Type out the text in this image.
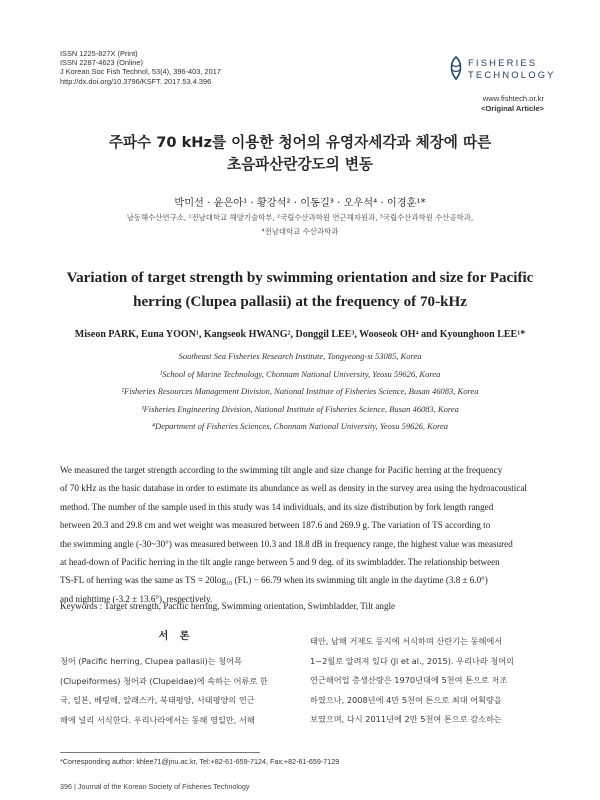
ISSN 1225-827X (Print)
ISSN 2287-4623 (Online)
J Korean Soc Fish Technol, 53(4), 396-403, 2017
http://dx.doi.org/10.3796/KSFT. 2017.53.4.396
FISHERIES
TECHNOLOGY
www.fishtech.or.kr
<Original Article>
주파수 70 kHz를 이용한 청어의 유영자세각과 체장에 따른
초음파산란강도의 변동
박미선 · 윤은아¹ · 황강석² · 이동길³ · 오우석⁴ · 이경훈¹*
남동해수산연구소, ¹전남대학교 해양기술학부, ²국립수산과학원 연근해자원과, ³국립수산과학원 수산공학과,
⁴전남대학교 수산과학과
Variation of target strength by swimming orientation and size for Pacific
herring (Clupea pallasii) at the frequency of 70-kHz
Miseon PARK, Euna YOON¹, Kangseok HWANG², Donggil LEE³, Wooseok OH⁴ and Kyounghoon LEE¹*
Southeast Sea Fisheries Research Institute, Tongyeong-si 53085, Korea
¹School of Marine Technology, Chonnam National University, Yeosu 59626, Korea
²Fisheries Resources Management Division, National Institute of Fisheries Science, Busan 46083, Korea
³Fisheries Engineering Division, National Institute of Fisheries Science, Busan 46083, Korea
⁴Department of Fisheries Sciences, Chonnam National University, Yeosu 59626, Korea
We measured the target strength according to the swimming tilt angle and size change for Pacific herring at the frequency
of 70 kHz as the basic database in order to estimate its abundance as well as density in the survey area using the hydroacoustical
method. The number of the sample used in this study was 14 individuals, and its size distribution by fork length ranged
between 20.3 and 29.8 cm and wet weight was measured between 187.6 and 269.9 g. The variation of TS according to
the swimming angle (-30~30°) was measured between 10.3 and 18.8 dB in frequency range, the highest value was measured
at head-down of Pacific herring in the tilt angle range between 5 and 9 deg. of its swimbladder. The relationship between
TS-FL of herring was the same as TS = 20log₁₀ (FL) − 66.79 when its swimming tilt angle in the daytime (3.8 ± 6.0°)
and nighttime (-3.2 ± 13.6°), respectively.
Keywords : Target strength, Pacific herring, Swimming orientation, Swimbladder, Tilt angle
서 론
청어 (Pacific herring, Clupea pallasii)는 청어목
(Clupeiformes) 청어과 (Clupeidae)에 속하는 어류로 한
국, 일본, 베링해, 알래스카, 북태평양, 서태평양의 연근
해에 널리 서식한다. 우리나라에서는 동해 영일만, 서해
태안, 남해 거제도 등지에 서식하며 산란기는 동해에서
1~2월로 알려져 있다 (Ji et al., 2015). 우리나라 청어의
연근해어업 총생산량은 1970년대에 5천여 톤으로 저조
하였으나, 2008년에 4만 5천여 톤으로 최대 어획량을
보였으며, 다시 2011년에 2만 5천여 톤으로 감소하는
*Corresponding author: khlee71@jnu.ac.kr, Tel:+82-61-659-7124, Fax:+82-61-659-7129
396 | Journal of the Korean Society of Fisheries Technology
